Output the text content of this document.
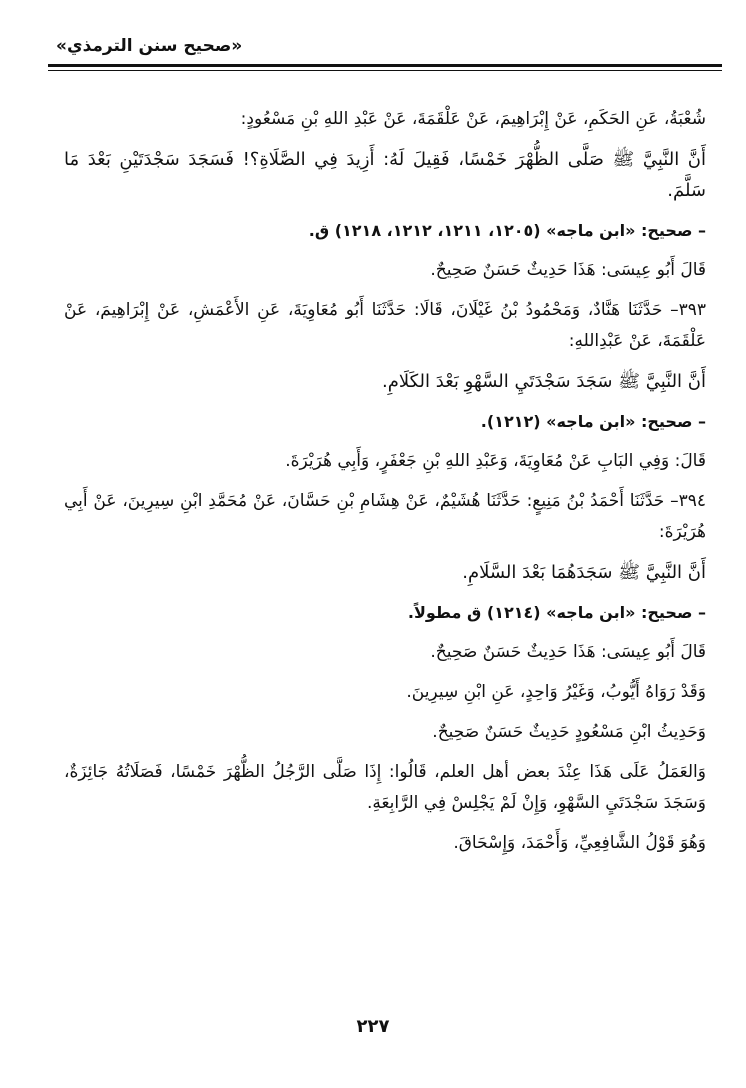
«صحيح سنن الترمذي»

شُعْبَةُ، عَنِ الحَكَمِ، عَنْ إِبْرَاهِيمَ، عَنْ عَلْقَمَةَ، عَنْ عَبْدِ اللهِ بْنِ مَسْعُودٍ:

أَنَّ النَّبِيَّ ﷺ صَلَّى الظُّهْرَ خَمْسًا، فَقِيلَ لَهُ: أَزِيدَ فِي الصَّلَاةِ؟! فَسَجَدَ سَجْدَتَيْنِ بَعْدَ مَا سَلَّمَ.

– صحيح: «ابن ماجه» (١٢٠٥، ١٢١١، ١٢١٢، ١٢١٨) ق.

قَالَ أَبُو عِيسَى: هَذَا حَدِيثٌ حَسَنٌ صَحِيحٌ.

٣٩٣– حَدَّثَنَا هَنَّادٌ، وَمَحْمُودُ بْنُ غَيْلَانَ، قَالَا: حَدَّثَنَا أَبُو مُعَاوِيَةَ، عَنِ الأَعْمَشِ، عَنْ إِبْرَاهِيمَ، عَنْ عَلْقَمَةَ، عَنْ عَبْدِاللهِ:

أَنَّ النَّبِيَّ ﷺ سَجَدَ سَجْدَتَيِ السَّهْوِ بَعْدَ الكَلَامِ.

– صحيح: «ابن ماجه» (١٢١٢).

قَالَ: وَفِي البَابِ عَنْ مُعَاوِيَةَ، وَعَبْدِ اللهِ بْنِ جَعْفَرٍ، وَأَبِي هُرَيْرَةَ.

٣٩٤– حَدَّثَنَا أَحْمَدُ بْنُ مَنِيعٍ: حَدَّثَنَا هُشَيْمٌ، عَنْ هِشَامِ بْنِ حَسَّانَ، عَنْ مُحَمَّدِ ابْنِ سِيرِينَ، عَنْ أَبِي هُرَيْرَةَ:

أَنَّ النَّبِيَّ ﷺ سَجَدَهُمَا بَعْدَ السَّلَامِ.

– صحيح: «ابن ماجه» (١٢١٤) ق مطولاً.

قَالَ أَبُو عِيسَى: هَذَا حَدِيثٌ حَسَنٌ صَحِيحٌ.

وَقَدْ رَوَاهُ أَيُّوبُ، وَغَيْرُ وَاحِدٍ، عَنِ ابْنِ سِيرِينَ.

وَحَدِيثُ ابْنِ مَسْعُودٍ حَدِيثٌ حَسَنٌ صَحِيحٌ.

وَالعَمَلُ عَلَى هَذَا عِنْدَ بعض أهل العلم، قَالُوا: إِذَا صَلَّى الرَّجُلُ الظُّهْرَ خَمْسًا، فَصَلَاتُهُ جَائِزَةٌ، وَسَجَدَ سَجْدَتَيِ السَّهْوِ، وَإِنْ لَمْ يَجْلِسْ فِي الرَّابِعَةِ.

وَهُوَ قَوْلُ الشَّافِعِيِّ، وَأَحْمَدَ، وَإِسْحَاقَ.

٢٢٧
